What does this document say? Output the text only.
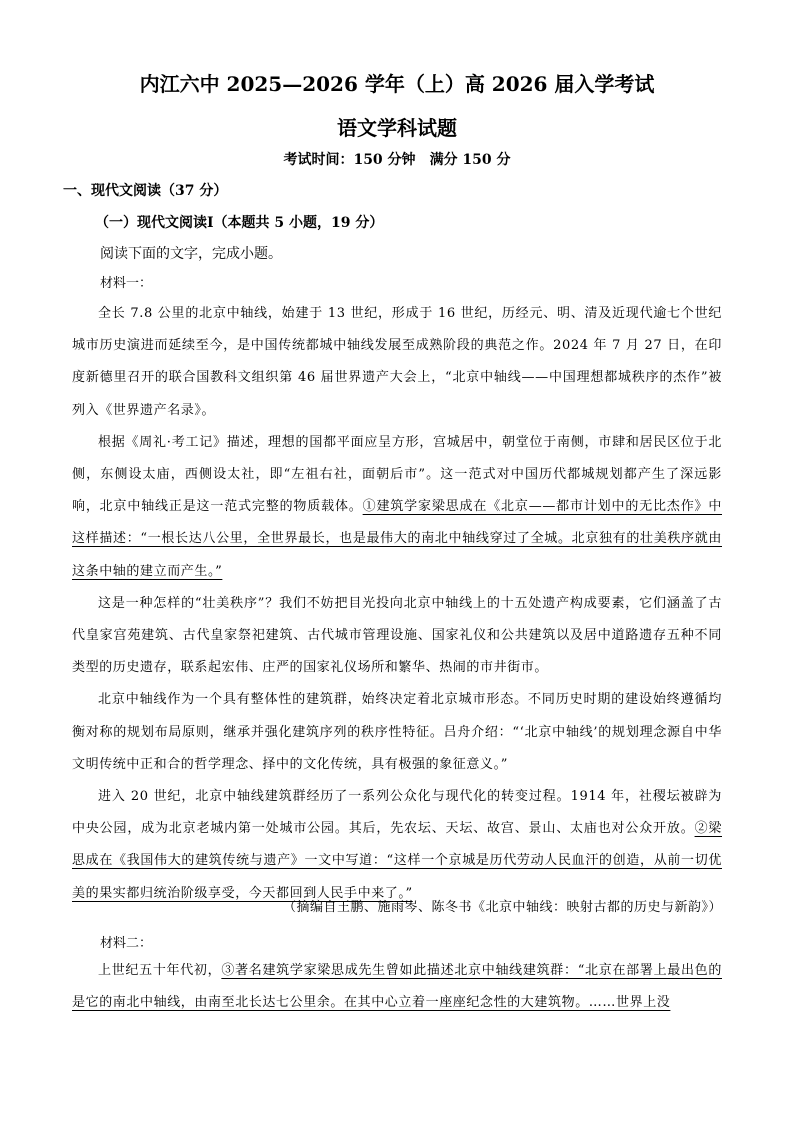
内江六中 2025—2026 学年（上）高 2026 届入学考试
语文学科试题
考试时间：150 分钟 满分 150 分
一、现代文阅读（37 分）
（一）现代文阅读Ⅰ（本题共 5 小题，19 分）
阅读下面的文字，完成小题。
材料一：

全长 7.8 公里的北京中轴线，始建于 13 世纪，形成于 16 世纪，历经元、明、清及近现代逾七个世纪城市历史演进而延续至今，是中国传统都城中轴线发展至成熟阶段的典范之作。2024 年 7 月 27 日，在印度新德里召开的联合国教科文组织第 46 届世界遗产大会上，“北京中轴线——中国理想都城秩序的杰作”被列入《世界遗产名录》。

根据《周礼·考工记》描述，理想的国都平面应呈方形，宫城居中，朝堂位于南侧，市肆和居民区位于北侧，东侧设太庙，西侧设太社，即“左祖右社，面朝后市”。这一范式对中国历代都城规划都产生了深远影响，北京中轴线正是这一范式完整的物质载体。①建筑学家梁思成在《北京——都市计划中的无比杰作》中这样描述：“一根长达八公里，全世界最长，也是最伟大的南北中轴线穿过了全城。北京独有的壮美秩序就由这条中轴的建立而产生。”

这是一种怎样的“壮美秩序”？我们不妨把目光投向北京中轴线上的十五处遗产构成要素，它们涵盖了古代皇家宫苑建筑、古代皇家祭祀建筑、古代城市管理设施、国家礼仪和公共建筑以及居中道路遗存五种不同类型的历史遗存，联系起宏伟、庄严的国家礼仪场所和繁华、热闹的市井街市。

北京中轴线作为一个具有整体性的建筑群，始终决定着北京城市形态。不同历史时期的建设始终遵循均衡对称的规划布局原则，继承并强化建筑序列的秩序性特征。吕舟介绍：“‘北京中轴线’的规划理念源自中华文明传统中正和合的哲学理念、择中的文化传统，具有极强的象征意义。”

进入 20 世纪，北京中轴线建筑群经历了一系列公众化与现代化的转变过程。1914 年，社稷坛被辟为中央公园，成为北京老城内第一处城市公园。其后，先农坛、天坛、故宫、景山、太庙也对公众开放。②梁思成在《我国伟大的建筑传统与遗产》一文中写道：“这样一个京城是历代劳动人民血汗的创造，从前一切优美的果实都归统治阶级享受，今天都回到人民手中来了。”

（摘编自王鹏、施雨岑、陈冬书《北京中轴线：映射古都的历史与新韵》）
材料二：

上世纪五十年代初，③著名建筑学家梁思成先生曾如此描述北京中轴线建筑群：“北京在部署上最出色的是它的南北中轴线，由南至北长达七公里余。在其中心立着一座座纪念性的大建筑物。……世界上没
